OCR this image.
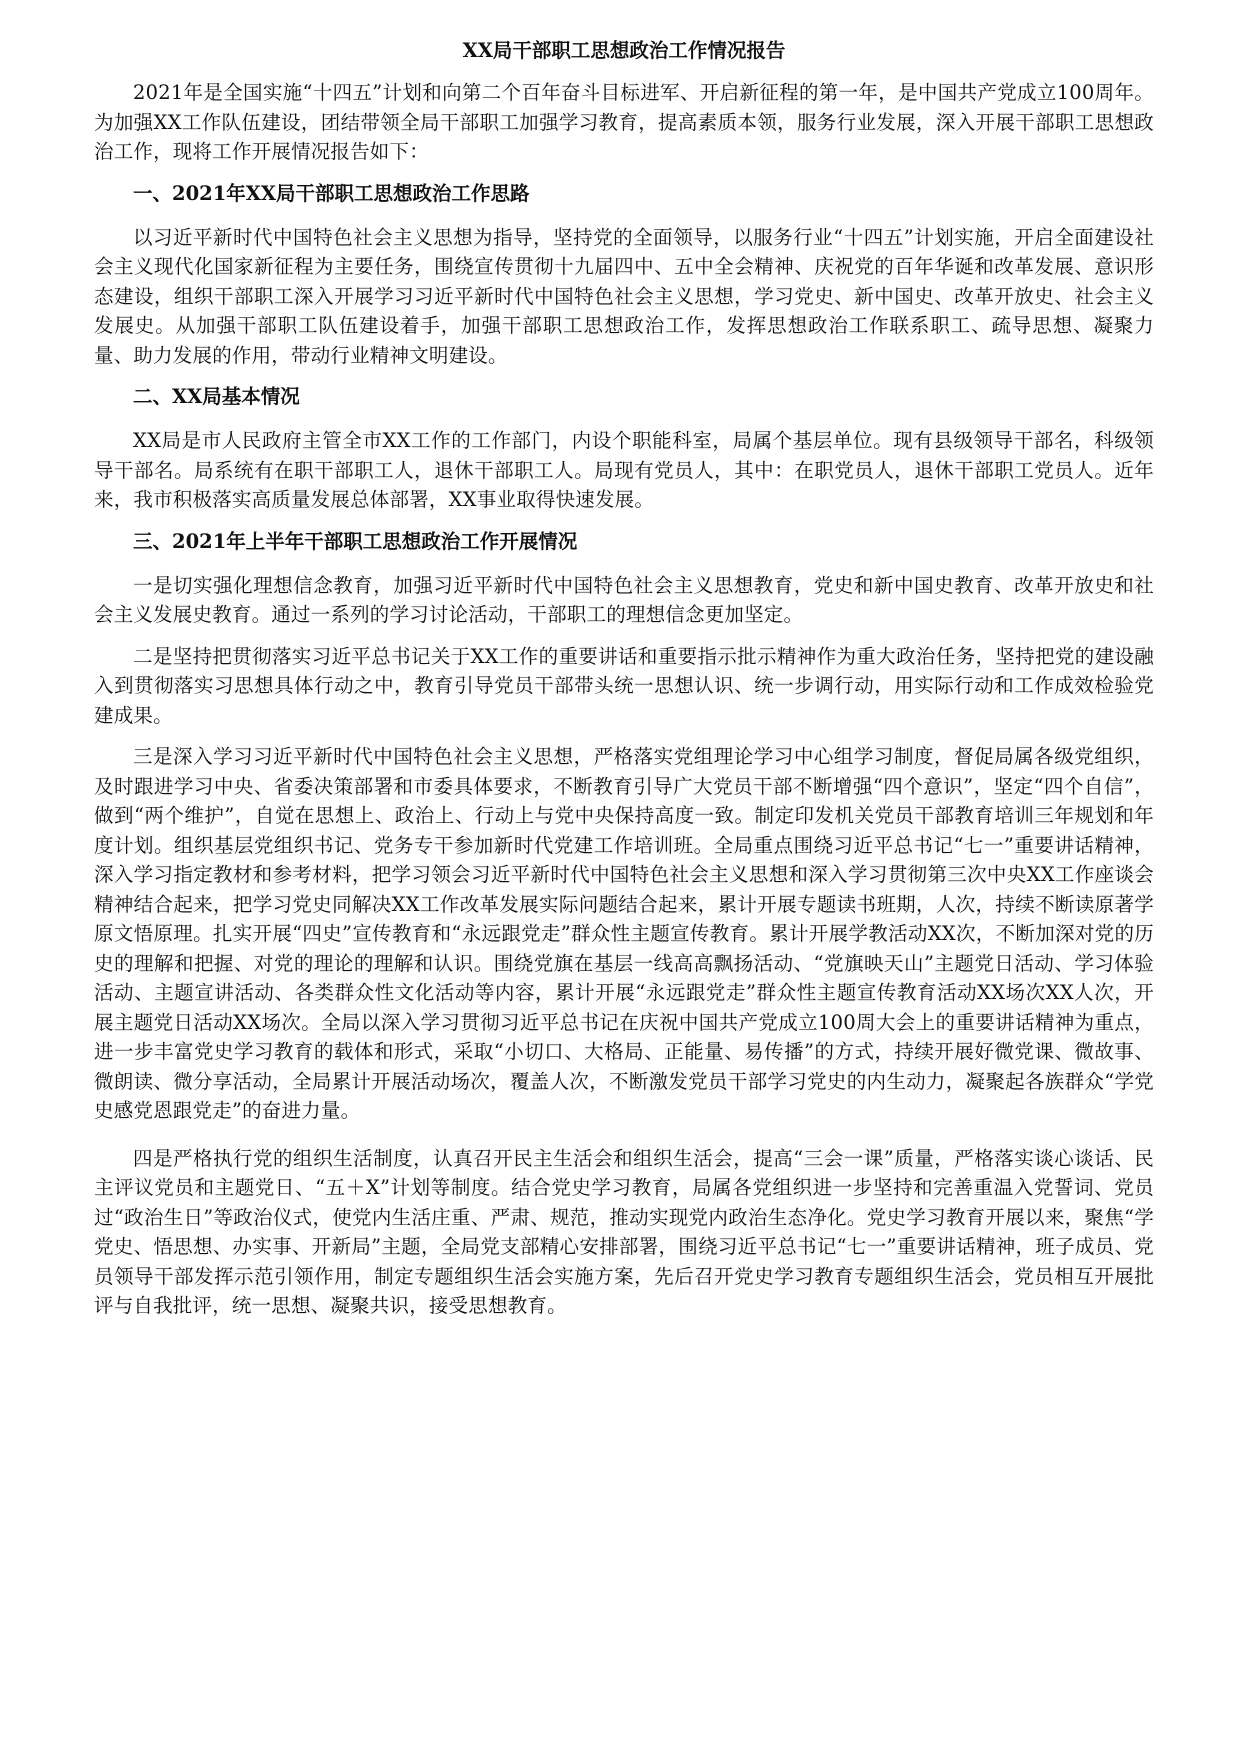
XX局干部职工思想政治工作情况报告

2021年是全国实施“十四五”计划和向第二个百年奋斗目标进军、开启新征程的第一年，是中国共产党成立100周年。为加强XX工作队伍建设，团结带领全局干部职工加强学习教育，提高素质本领，服务行业发展，深入开展干部职工思想政治工作，现将工作开展情况报告如下：

一、2021年XX局干部职工思想政治工作思路

以习近平新时代中国特色社会主义思想为指导，坚持党的全面领导，以服务行业“十四五”计划实施，开启全面建设社会主义现代化国家新征程为主要任务，围绕宣传贯彻十九届四中、五中全会精神、庆祝党的百年华诞和改革发展、意识形态建设，组织干部职工深入开展学习习近平新时代中国特色社会主义思想，学习党史、新中国史、改革开放史、社会主义发展史。从加强干部职工队伍建设着手，加强干部职工思想政治工作，发挥思想政治工作联系职工、疏导思想、凝聚力量、助力发展的作用，带动行业精神文明建设。

二、XX局基本情况

XX局是市人民政府主管全市XX工作的工作部门，内设个职能科室，局属个基层单位。现有县级领导干部名，科级领导干部名。局系统有在职干部职工人，退休干部职工人。局现有党员人，其中：在职党员人，退休干部职工党员人。近年来，我市积极落实高质量发展总体部署，XX事业取得快速发展。

三、2021年上半年干部职工思想政治工作开展情况

一是切实强化理想信念教育，加强习近平新时代中国特色社会主义思想教育，党史和新中国史教育、改革开放史和社会主义发展史教育。通过一系列的学习讨论活动，干部职工的理想信念更加坚定。

二是坚持把贯彻落实习近平总书记关于XX工作的重要讲话和重要指示批示精神作为重大政治任务，坚持把党的建设融入到贯彻落实习思想具体行动之中，教育引导党员干部带头统一思想认识、统一步调行动，用实际行动和工作成效检验党建成果。

三是深入学习习近平新时代中国特色社会主义思想，严格落实党组理论学习中心组学习制度，督促局属各级党组织，及时跟进学习中央、省委决策部署和市委具体要求，不断教育引导广大党员干部不断增强“四个意识”，坚定“四个自信”，做到“两个维护”，自觉在思想上、政治上、行动上与党中央保持高度一致。制定印发机关党员干部教育培训三年规划和年度计划。组织基层党组织书记、党务专干参加新时代党建工作培训班。全局重点围绕习近平总书记“七一”重要讲话精神，深入学习指定教材和参考材料，把学习领会习近平新时代中国特色社会主义思想和深入学习贯彻第三次中央XX工作座谈会精神结合起来，把学习党史同解决XX工作改革发展实际问题结合起来，累计开展专题读书班期，人次，持续不断读原著学原文悟原理。扎实开展“四史”宣传教育和“永远跟党走”群众性主题宣传教育。累计开展学教活动XX次，不断加深对党的历史的理解和把握、对党的理论的理解和认识。围绕党旗在基层一线高高飘扬活动、“党旗映天山”主题党日活动、学习体验活动、主题宣讲活动、各类群众性文化活动等内容，累计开展“永远跟党走”群众性主题宣传教育活动XX场次XX人次，开展主题党日活动XX场次。全局以深入学习贯彻习近平总书记在庆祝中国共产党成立100周大会上的重要讲话精神为重点，进一步丰富党史学习教育的载体和形式，采取“小切口、大格局、正能量、易传播”的方式，持续开展好微党课、微故事、微朗读、微分享活动，全局累计开展活动场次，覆盖人次，不断激发党员干部学习党史的内生动力，凝聚起各族群众“学党史感党恩跟党走”的奋进力量。

四是严格执行党的组织生活制度，认真召开民主生活会和组织生活会，提高“三会一课”质量，严格落实谈心谈话、民主评议党员和主题党日、“五＋X”计划等制度。结合党史学习教育，局属各党组织进一步坚持和完善重温入党誓词、党员过“政治生日”等政治仪式，使党内生活庄重、严肃、规范，推动实现党内政治生态净化。党史学习教育开展以来，聚焦“学党史、悟思想、办实事、开新局”主题，全局党支部精心安排部署，围绕习近平总书记“七一”重要讲话精神，班子成员、党员领导干部发挥示范引领作用，制定专题组织生活会实施方案，先后召开党史学习教育专题组织生活会，党员相互开展批评与自我批评，统一思想、凝聚共识，接受思想教育。
